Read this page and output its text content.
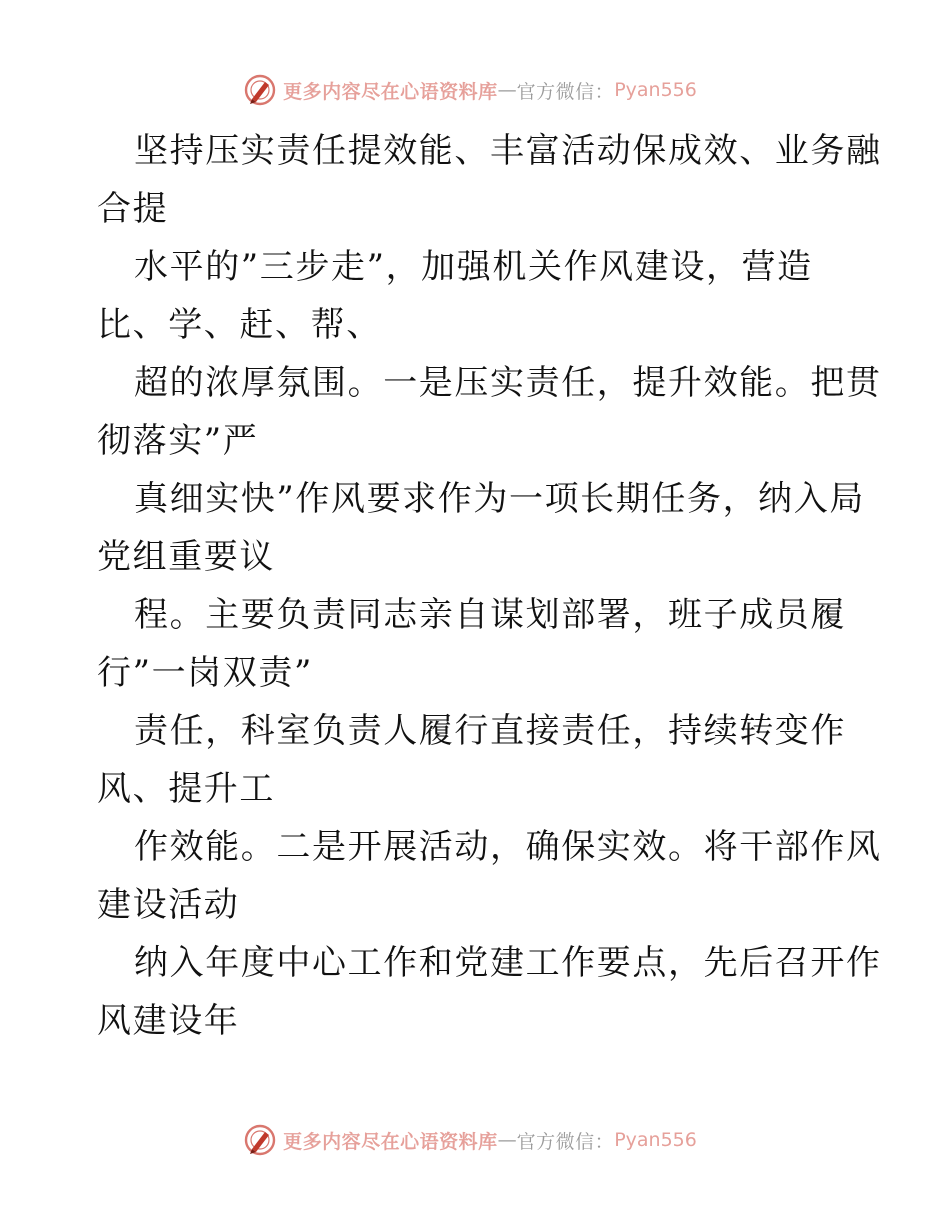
更多内容尽在心语资料库 — 官方微信： Pyan556
坚持压实责任提效能、丰富活动保成效、业务融
合提
水平的”三步走”，加强机关作风建设，营造
比、学、赶、帮、
超的浓厚氛围。一是压实责任，提升效能。把贯
彻落实”严
真细实快”作风要求作为一项长期任务，纳入局
党组重要议
程。主要负责同志亲自谋划部署，班子成员履
行”一岗双责”
责任，科室负责人履行直接责任，持续转变作
风、提升工
作效能。二是开展活动，确保实效。将干部作风
建设活动
纳入年度中心工作和党建工作要点，先后召开作
风建设年
更多内容尽在心语资料库 — 官方微信： Pyan556
